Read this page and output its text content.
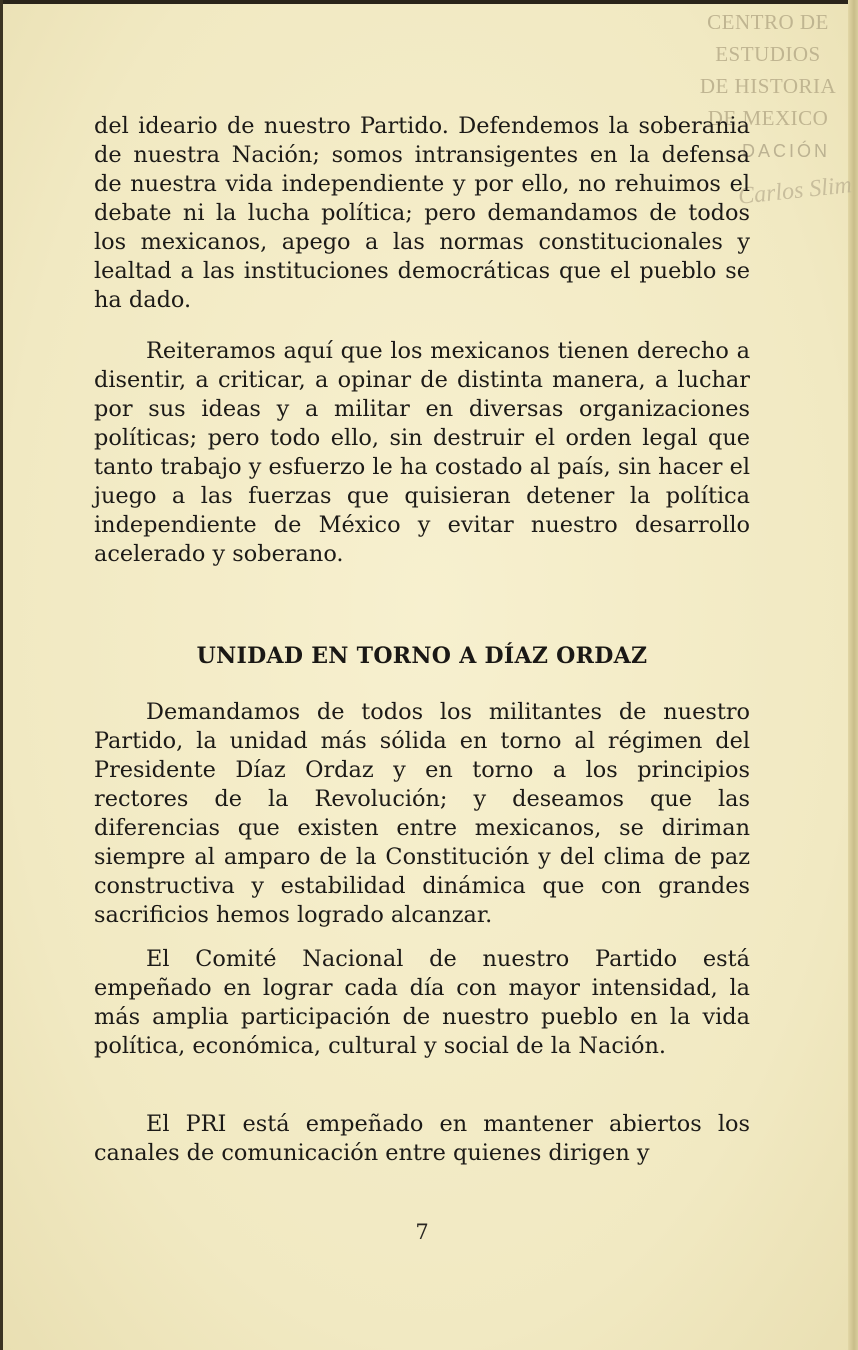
CENTRO DE
ESTUDIOS
DE HISTORIA
DE MEXICO
DACIÓN
Carlos Slim

del ideario de nuestro Partido. Defendemos la soberania de nuestra Nación; somos intransigentes en la defensa de nuestra vida independiente y por ello, no rehuimos el debate ni la lucha política; pero demandamos de todos los mexicanos, apego a las normas constitucionales y lealtad a las instituciones democráticas que el pueblo se ha dado.

Reiteramos aquí que los mexicanos tienen derecho a disentir, a criticar, a opinar de distinta manera, a luchar por sus ideas y a militar en diversas organizaciones políticas; pero todo ello, sin destruir el orden legal que tanto trabajo y esfuerzo le ha costado al país, sin hacer el juego a las fuerzas que quisieran detener la política independiente de México y evitar nuestro desarrollo acelerado y soberano.

UNIDAD EN TORNO A DÍAZ ORDAZ

Demandamos de todos los militantes de nuestro Partido, la unidad más sólida en torno al régimen del Presidente Díaz Ordaz y en torno a los principios rectores de la Revolución; y deseamos que las diferencias que existen entre mexicanos, se diriman siempre al amparo de la Constitución y del clima de paz constructiva y estabilidad dinámica que con grandes sacrificios hemos logrado alcanzar.

El Comité Nacional de nuestro Partido está empeñado en lograr cada día con mayor intensidad, la más amplia participación de nuestro pueblo en la vida política, económica, cultural y social de la Nación.

El PRI está empeñado en mantener abiertos los canales de comunicación entre quienes dirigen y

7
